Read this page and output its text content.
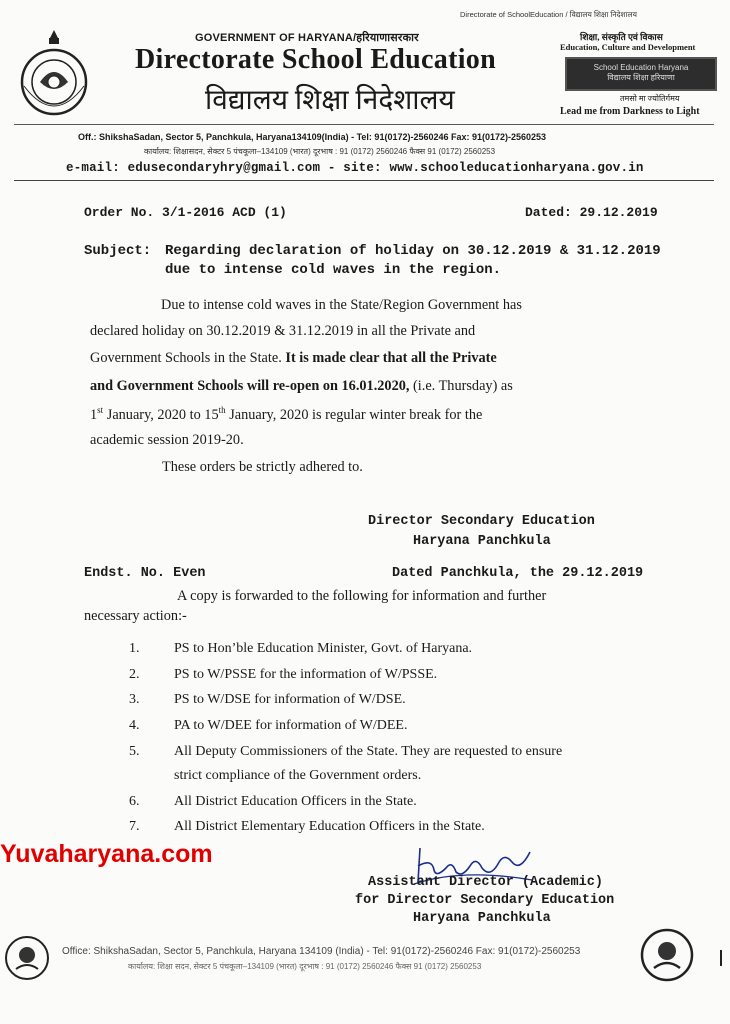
Directorate of SchoolEducation / विद्यालय शिक्षा निदेशालय
GOVERNMENT OF HARYANA/हरियाणासरकार
Directorate School Education
विद्यालय शिक्षा निदेशालय
शिक्षा, संस्कृति एवं विकास
Education, Culture and Development
School Education Haryana
विद्यालय शिक्षा हरियाणा
तमसो मा ज्योतिर्गमय
Lead me from Darkness to Light
Off.: ShikshaSadan, Sector 5, Panchkula, Haryana134109(India) - Tel: 91(0172)-2560246 Fax: 91(0172)-2560253
कार्यालय: शिक्षासदन, सेक्टर 5 पंचकूला–134109 (भारत) दूरभाष : 91 (0172) 2560246 फैक्स 91 (0172) 2560253
e-mail: edusecondaryhry@gmail.com - site: www.schooleducationharyana.gov.in
Order No. 3/1-2016 ACD (1)	Dated: 29.12.2019
Subject: Regarding declaration of holiday on 30.12.2019 & 31.12.2019
due to intense cold waves in the region.
Due to intense cold waves in the State/Region Government has
declared holiday on 30.12.2019 & 31.12.2019 in all the Private and
Government Schools in the State. It is made clear that all the Private
and Government Schools will re-open on 16.01.2020, (i.e. Thursday) as
1st January, 2020 to 15th January, 2020 is regular winter break for the
academic session 2019-20.
These orders be strictly adhered to.
Director Secondary Education
Haryana Panchkula
Endst. No. Even	Dated Panchkula, the 29.12.2019
A copy is forwarded to the following for information and further
necessary action:-
1. PS to Hon’ble Education Minister, Govt. of Haryana.
2. PS to W/PSSE for the information of W/PSSE.
3. PS to W/DSE for information of W/DSE.
4. PA to W/DEE for information of W/DEE.
5. All Deputy Commissioners of the State. They are requested to ensure
strict compliance of the Government orders.
6. All District Education Officers in the State.
7. All District Elementary Education Officers in the State.
Yuvaharyana.com
Assistant Director (Academic)
for Director Secondary Education
Haryana Panchkula
Office: ShikshaSadan, Sector 5, Panchkula, Haryana 134109 (India) - Tel: 91(0172)-2560246 Fax: 91(0172)-2560253
कार्यालय: शिक्षा सदन, सेक्टर 5 पंचकूला–134109 (भारत) दूरभाष : 91 (0172) 2560246 फैक्स 91 (0172) 2560253
